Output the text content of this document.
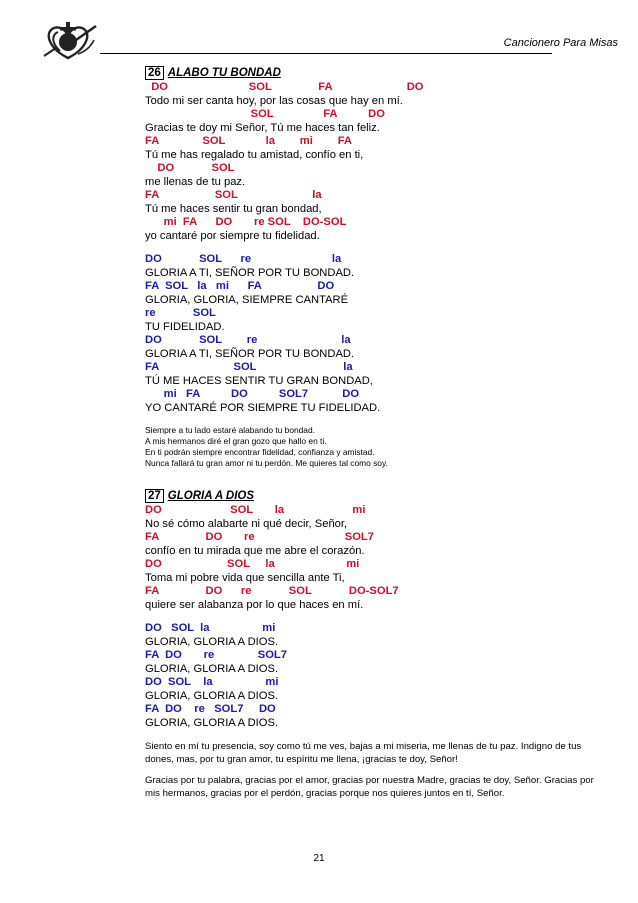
Cancionero Para Misas
26 ALABO TU BONDAD
DO                          SOL               FA                        DO
Todo mi ser canta hoy, por las cosas que hay en mí.
SOL                FA          DO
Gracias te doy mi Señor, Tú me haces tan feliz.
FA              SOL             la        mi        FA
Tú me has regalado tu amistad, confío en ti,
DO            SOL
me llenas de tu paz.
FA                  SOL                        la
Tú me haces sentir tu gran bondad,
mi  FA      DO       re SOL    DO-SOL
yo cantaré por siempre tu fidelidad.
DO            SOL      re                          la
GLORIA A TI, SEÑOR POR TU BONDAD.
FA  SOL   la   mi      FA                  DO
GLORIA, GLORIA, SIEMPRE CANTARÉ
re            SOL
TU FIDELIDAD.
DO            SOL        re                           la
GLORIA A TI, SEÑOR POR TU BONDAD.
FA                        SOL                            la
TÚ ME HACES SENTIR TU GRAN BONDAD,
mi   FA          DO          SOL7           DO
YO CANTARÉ POR SIEMPRE TU FIDELIDAD.
Siempre a tu lado estaré alabando tu bondad.
A mis hermanos diré el gran gozo que hallo en ti.
En ti podrán siempre encontrar fidelidad, confianza y amistad.
Nunca fallará tu gran amor ni tu perdón. Me quieres tal como soy.
27 GLORIA A DIOS
DO                      SOL       la                      mi
No sé cómo alabarte ni qué decir, Señor,
FA               DO       re                             SOL7
confío en tu mirada que me abre el corazón.
DO                     SOL     la                       mi
Toma mi pobre vida que sencilla ante Ti,
FA               DO      re            SOL            DO-SOL7
quiere ser alabanza por lo que haces en mí.
DO   SOL  la                 mi
GLORIA, GLORIA A DIOS.
FA  DO       re              SOL7
GLORIA, GLORIA A DIOS.
DO  SOL    la                 mi
GLORIA, GLORIA A DIOS.
FA  DO    re   SOL7     DO
GLORIA, GLORIA A DIOS.
Siento en mí tu presencia, soy como tú me ves, bajas a mi miseria, me llenas de tu paz. Indigno de tus dones, mas, por tu gran amor, tu espíritu me llena, ¡gracias te doy, Señor!
Gracias por tu palabra, gracias por el amor, gracias por nuestra Madre, gracias te doy, Señor. Gracias por mis hermanos, gracias por el perdón, gracias porque nos quieres juntos en tí, Señor.
21
